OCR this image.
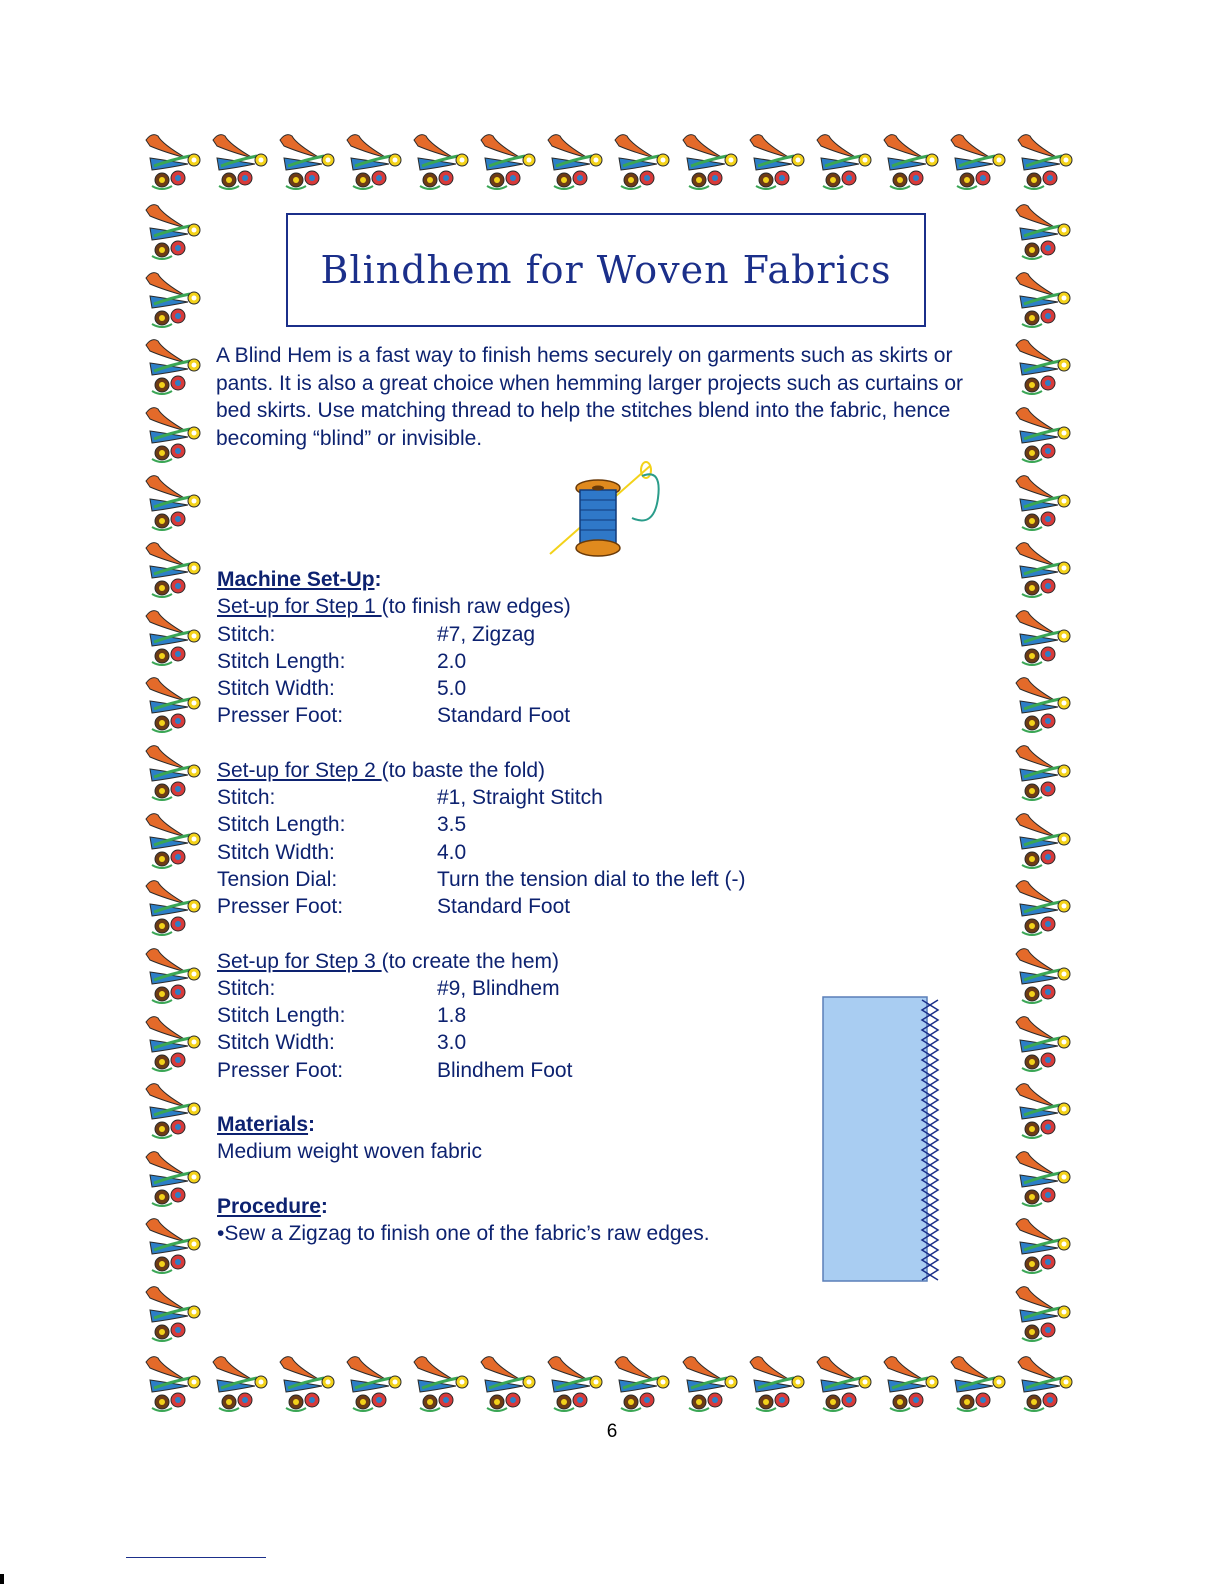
Blindhem for Woven Fabrics
A Blind Hem is a fast way to finish hems securely on garments such as skirts or pants. It is also a great choice when hemming larger projects such as curtains or bed skirts. Use matching thread to help the stitches blend into the fabric, hence becoming “blind” or invisible.
Machine Set-Up:
Set-up for Step 1 (to finish raw edges)
Stitch:	#7, Zigzag
Stitch Length:	2.0
Stitch Width:	5.0
Presser Foot:	Standard Foot
Set-up for Step 2 (to baste the fold)
Stitch:	#1, Straight Stitch
Stitch Length:	3.5
Stitch Width:	4.0
Tension Dial:	Turn the tension dial to the left (-)
Presser Foot:	Standard Foot
Set-up for Step 3 (to create the hem)
Stitch:	#9, Blindhem
Stitch Length:	1.8
Stitch Width:	3.0
Presser Foot:	Blindhem Foot
Materials:
Medium weight woven fabric
Procedure:
•Sew a Zigzag to finish one of the fabric’s raw edges.
6
